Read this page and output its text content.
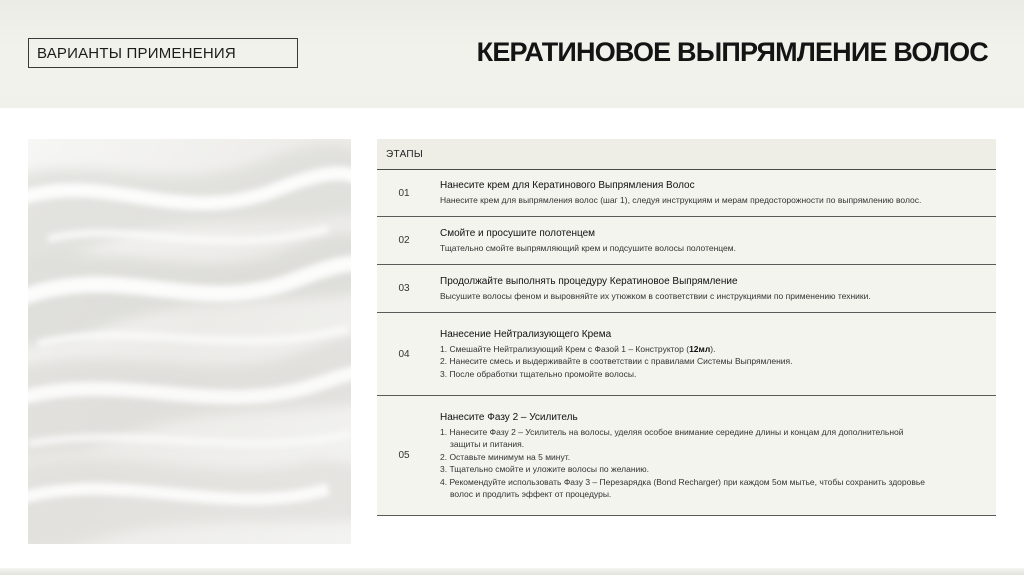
ВАРИАНТЫ ПРИМЕНЕНИЯ	КЕРАТИНОВОЕ ВЫПРЯМЛЕНИЕ ВОЛОС
ЭТАПЫ
01
Нанесите крем для Кератинового Выпрямления Волос
Нанесите крем для выпрямления волос (шаг 1), следуя инструкциям и мерам предосторожности по выпрямлению волос.
02
Смойте и просушите полотенцем
Тщательно смойте выпрямляющий крем и подсушите волосы полотенцем.
03
Продолжайте выполнять процедуру Кератиновое Выпрямление
Высушите волосы феном и выровняйте их утюжком в соответствии с инструкциями по применению техники.
04
Нанесение Нейтрализующего Крема
1. Смешайте Нейтрализующий Крем с Фазой 1 – Конструктор (12мл).
2. Нанесите смесь и выдерживайте в соответствии с правилами Системы Выпрямления.
3. После обработки тщательно промойте волосы.
05
Нанесите Фазу 2 – Усилитель
1. Нанесите Фазу 2 – Усилитель на волосы, уделяя особое внимание середине длины и концам для дополнительной
защиты и питания.
2. Оставьте минимум на 5 минут.
3. Тщательно смойте и уложите волосы по желанию.
4. Рекомендуйте использовать Фазу 3 – Перезарядка (Bond Recharger) при каждом 5ом мытье, чтобы сохранить здоровье
волос и продлить эффект от процедуры.
